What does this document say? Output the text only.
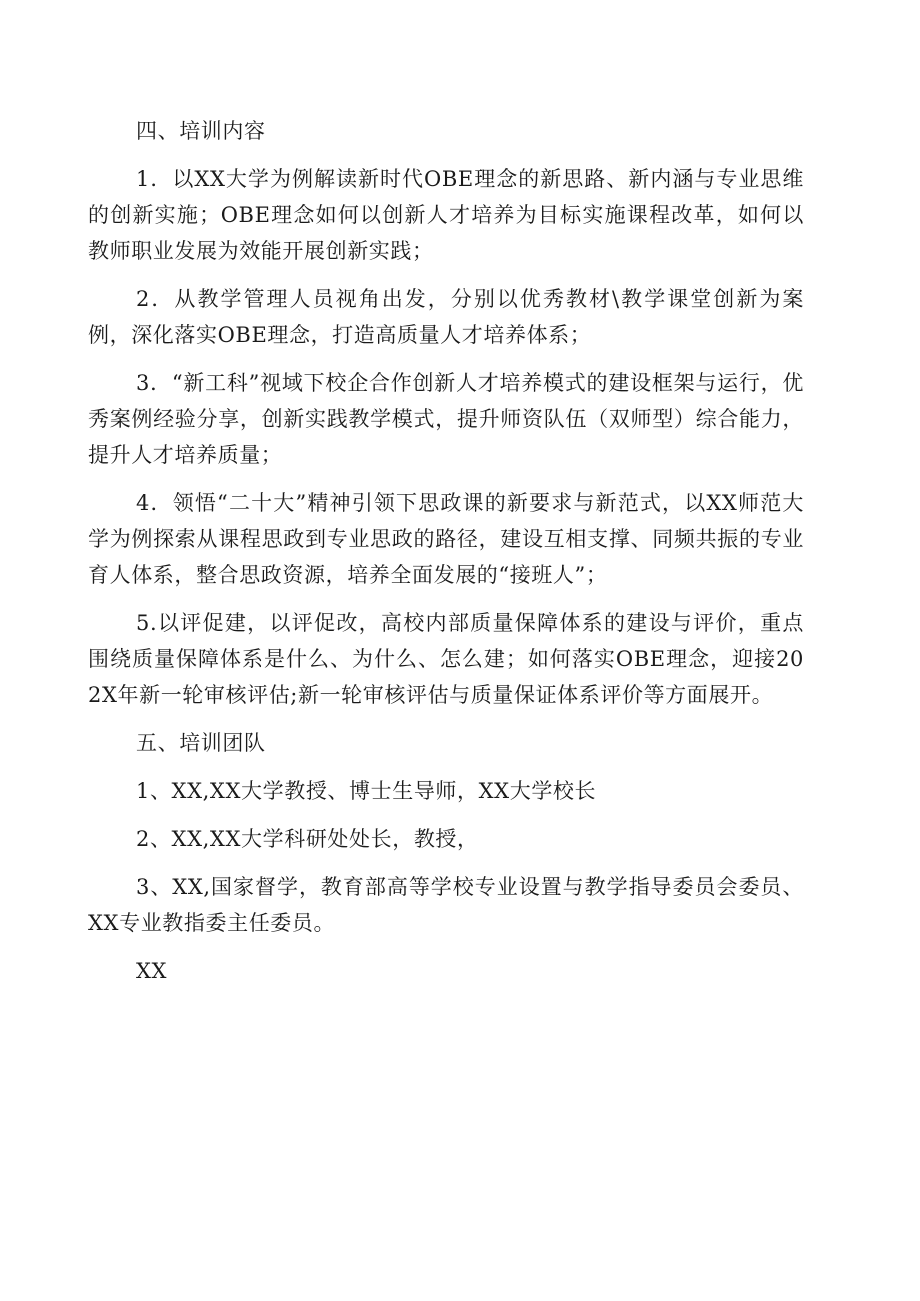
四、培训内容

1．以XX大学为例解读新时代OBE理念的新思路、新内涵与专业思维的创新实施；OBE理念如何以创新人才培养为目标实施课程改革，如何以教师职业发展为效能开展创新实践；

2．从教学管理人员视角出发，分别以优秀教材\教学课堂创新为案例，深化落实OBE理念，打造高质量人才培养体系；

3．“新工科”视域下校企合作创新人才培养模式的建设框架与运行，优秀案例经验分享，创新实践教学模式，提升师资队伍（双师型）综合能力，提升人才培养质量；

4．领悟“二十大”精神引领下思政课的新要求与新范式，以XX师范大学为例探索从课程思政到专业思政的路径，建设互相支撑、同频共振的专业育人体系，整合思政资源，培养全面发展的“接班人”；

5.以评促建，以评促改，高校内部质量保障体系的建设与评价，重点围绕质量保障体系是什么、为什么、怎么建；如何落实OBE理念，迎接202X年新一轮审核评估;新一轮审核评估与质量保证体系评价等方面展开。

五、培训团队

1、XX,XX大学教授、博士生导师，XX大学校长

2、XX,XX大学科研处处长，教授，

3、XX,国家督学，教育部高等学校专业设置与教学指导委员会委员、XX专业教指委主任委员。

XX
